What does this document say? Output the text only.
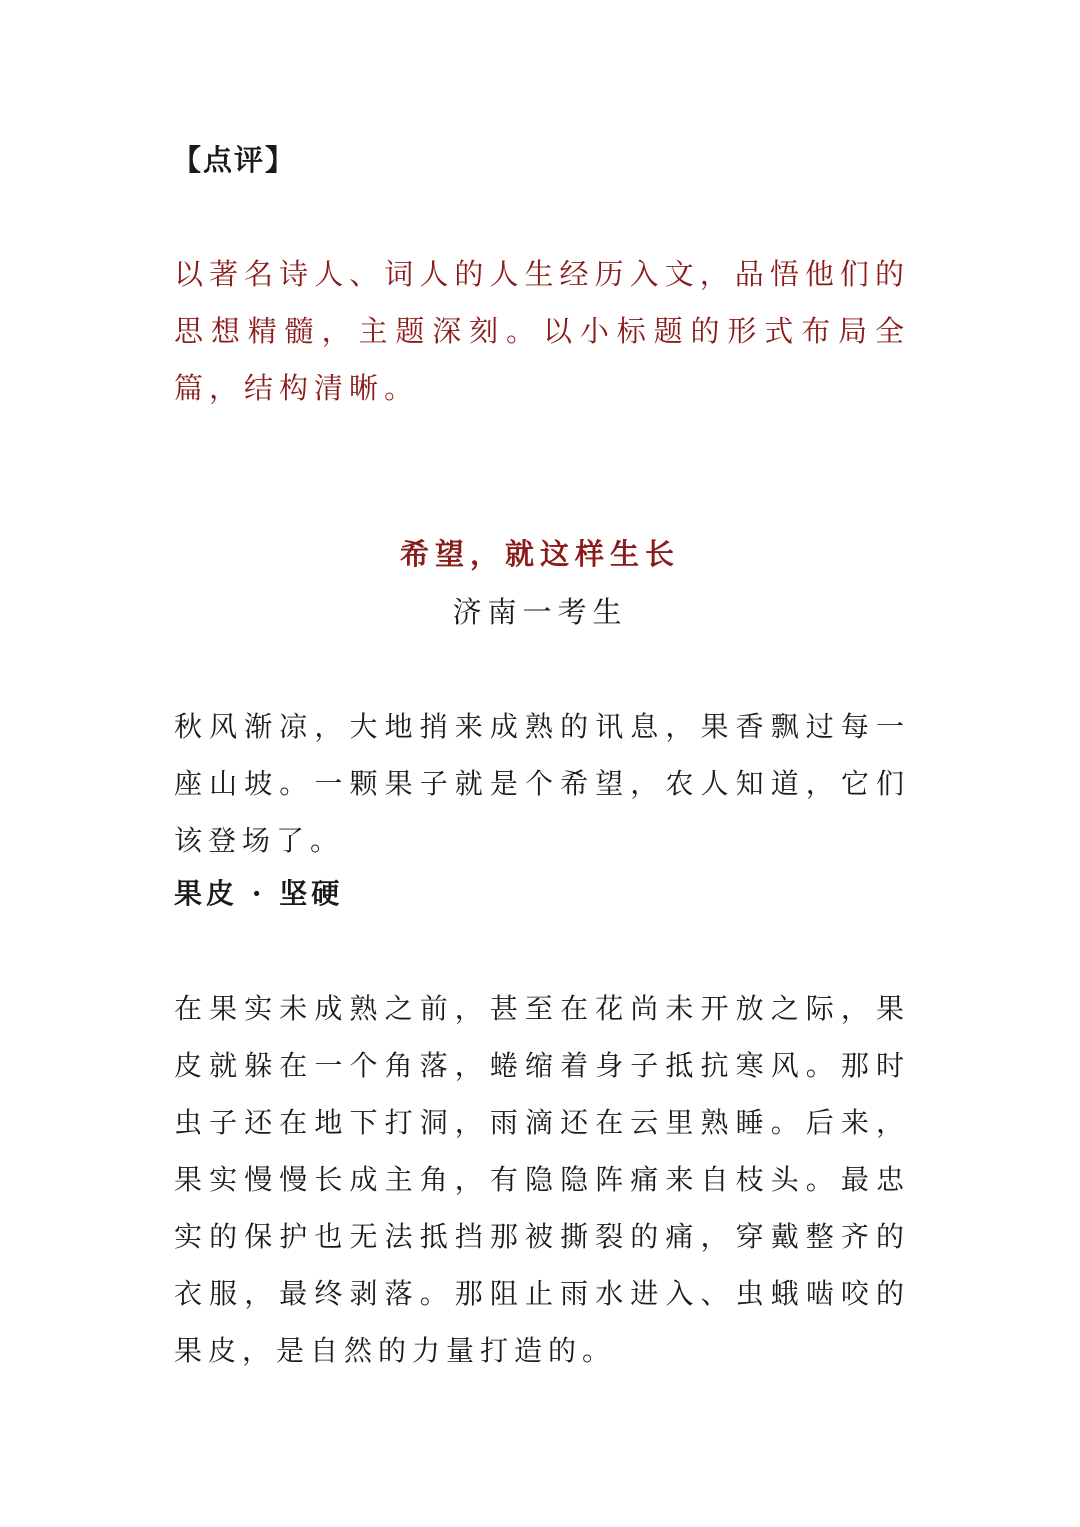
【点评】
以著名诗人、词人的人生经历入文，品悟他们的思想精髓，主题深刻。以小标题的形式布局全篇，结构清晰。
希望，就这样生长
济南一考生
秋风渐凉，大地捎来成熟的讯息，果香飘过每一座山坡。一颗果子就是个希望，农人知道，它们该登场了。
果皮 · 坚硬
在果实未成熟之前，甚至在花尚未开放之际，果皮就躲在一个角落，蜷缩着身子抵抗寒风。那时虫子还在地下打洞，雨滴还在云里熟睡。后来，果实慢慢长成主角，有隐隐阵痛来自枝头。最忠实的保护也无法抵挡那被撕裂的痛，穿戴整齐的衣服，最终剥落。那阻止雨水进入、虫蛾啮咬的果皮，是自然的力量打造的。
